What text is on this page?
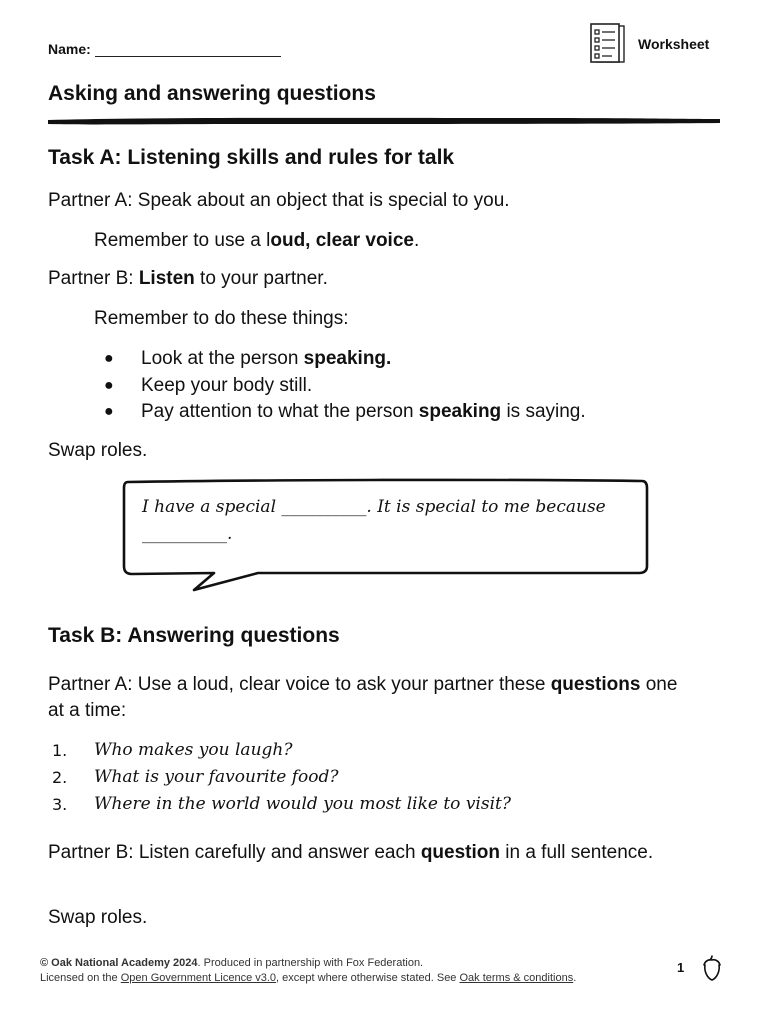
Name:	Worksheet
Asking and answering questions
Task A: Listening skills and rules for talk

Partner A: Speak about an object that is special to you.

Remember to use a loud, clear voice.

Partner B: Listen to your partner.

Remember to do these things:

●	Look at the person speaking.
●	Keep your body still.
●	Pay attention to what the person speaking is saying.

Swap roles.

I have a special __________. It is special to me because __________.
Task B: Answering questions

Partner A: Use a loud, clear voice to ask your partner these questions one at a time:

1.	Who makes you laugh?
2.	What is your favourite food?
3.	Where in the world would you most like to visit?

Partner B: Listen carefully and answer each question in a full sentence.

Swap roles.

© Oak National Academy 2024. Produced in partnership with Fox Federation.
Licensed on the Open Government Licence v3.0, except where otherwise stated. See Oak terms & conditions.
1
